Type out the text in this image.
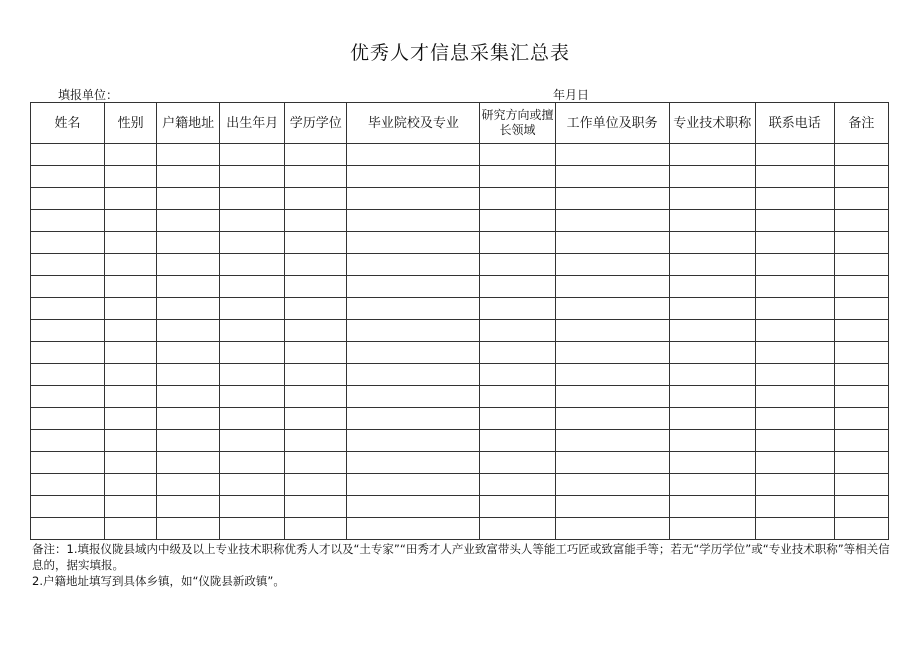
优秀人才信息采集汇总表
填报单位：	年月日
姓名	性别	户籍地址	出生年月	学历学位	毕业院校及专业	研究方向或擅长领域	工作单位及职务	专业技术职称	联系电话	备注

备注：1.填报仪陇县域内中级及以上专业技术职称优秀人才以及“土专家”“田秀才人产业致富带头人等能工巧匠或致富能手等；若无“学历学位”或“专业技术职称”等相关信息的，据实填报。

2.户籍地址填写到具体乡镇，如“仪陇县新政镇”。
